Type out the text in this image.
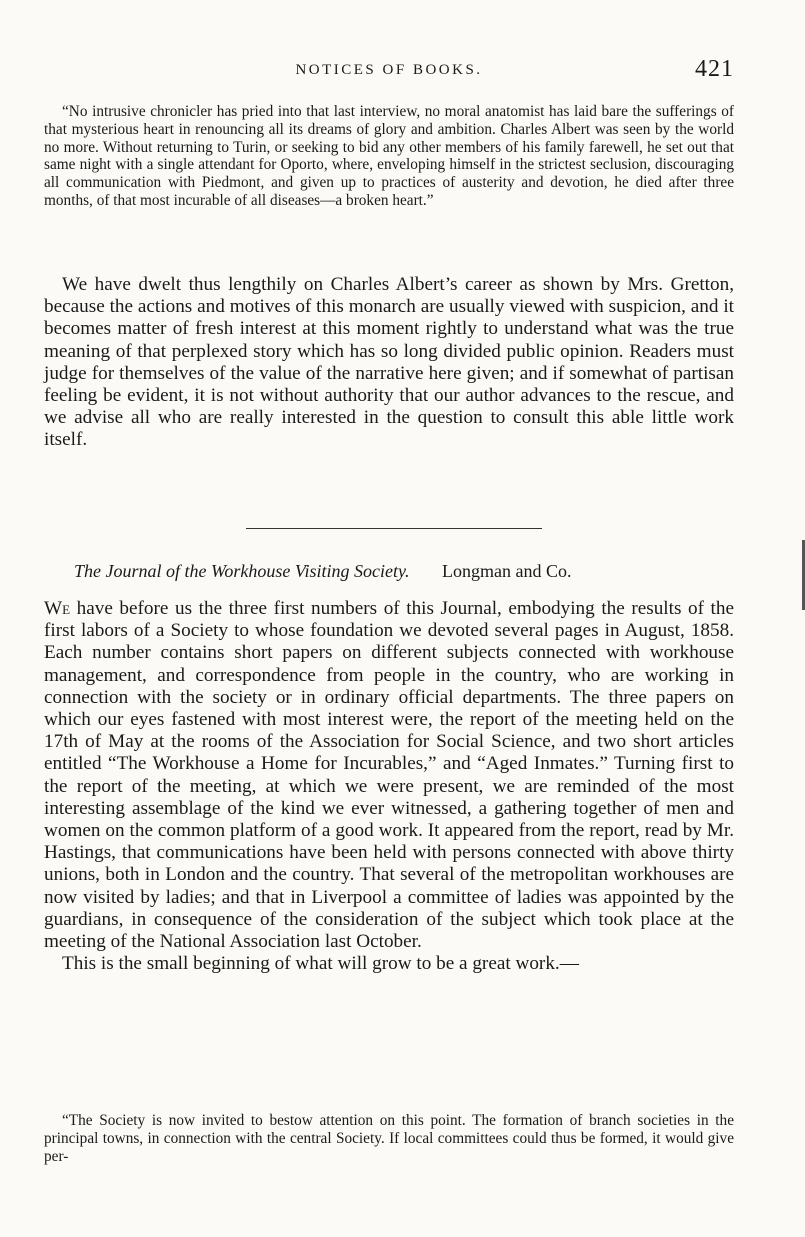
NOTICES OF BOOKS.	421

“No intrusive chronicler has pried into that last interview, no moral anatomist has laid bare the sufferings of that mysterious heart in renouncing all its dreams of glory and ambition. Charles Albert was seen by the world no more. Without returning to Turin, or seeking to bid any other members of his family farewell, he set out that same night with a single attendant for Oporto, where, enveloping himself in the strictest seclusion, discouraging all communication with Piedmont, and given up to practices of austerity and devotion, he died after three months, of that most incurable of all diseases—a broken heart.”

We have dwelt thus lengthily on Charles Albert’s career as shown by Mrs. Gretton, because the actions and motives of this monarch are usually viewed with suspicion, and it becomes matter of fresh interest at this moment rightly to understand what was the true meaning of that perplexed story which has so long divided public opinion. Readers must judge for themselves of the value of the narrative here given; and if somewhat of partisan feeling be evident, it is not without authority that our author advances to the rescue, and we advise all who are really interested in the question to consult this able little work itself.

The Journal of the Workhouse Visiting Society. Longman and Co.

We have before us the three first numbers of this Journal, embodying the results of the first labors of a Society to whose foundation we devoted several pages in August, 1858. Each number contains short papers on different subjects connected with workhouse management, and correspondence from people in the country, who are working in connection with the society or in ordinary official departments. The three papers on which our eyes fastened with most interest were, the report of the meeting held on the 17th of May at the rooms of the Association for Social Science, and two short articles entitled “The Workhouse a Home for Incurables,” and “Aged Inmates.” Turning first to the report of the meeting, at which we were present, we are reminded of the most interesting assemblage of the kind we ever witnessed, a gathering together of men and women on the common platform of a good work. It appeared from the report, read by Mr. Hastings, that communications have been held with persons connected with above thirty unions, both in London and the country. That several of the metropolitan workhouses are now visited by ladies; and that in Liverpool a committee of ladies was appointed by the guardians, in consequence of the consideration of the subject which took place at the meeting of the National Association last October.

This is the small beginning of what will grow to be a great work.—

“The Society is now invited to bestow attention on this point. The formation of branch societies in the principal towns, in connection with the central Society. If local committees could thus be formed, it would give per-
